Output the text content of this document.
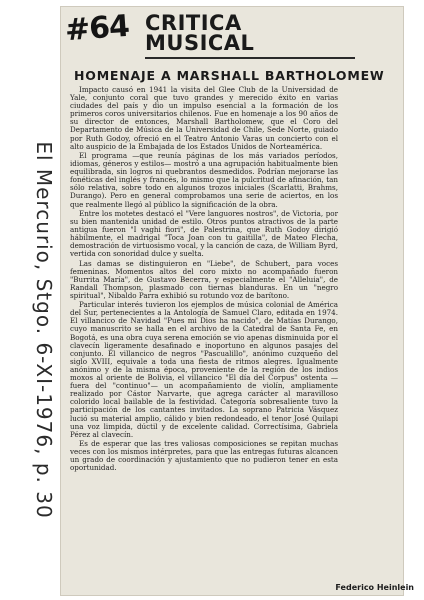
#64 CRITICA
MUSICAL
HOMENAJE A MARSHALL BARTHOLOMEW

Impacto causó en 1941 la visita del Glee Club de la Universidad de Yale, conjunto coral que tuvo grandes y merecido éxito en varias ciudades del país y dio un impulso esencial a la formación de los primeros coros universitarios chilenos. Fue en homenaje a los 90 años de su director de entonces, Marshall Bartholomew, que el Coro del Departamento de Música de la Universidad de Chile, Sede Norte, guiado por Ruth Godoy, ofreció en el Teatro Antonio Varas un concierto con el alto auspicio de la Embajada de los Estados Unidos de Norteamérica.

El programa —que reunía páginas de los más variados períodos, idiomas, géneros y estilos— mostró a una agrupación habitualmente bien equilibrada, sin logros ni quebrantos desmedidos. Podrían mejorarse las fonéticas del inglés y francés, lo mismo que la pulcritud de afinación, tan sólo relativa, sobre todo en algunos trozos iniciales (Scarlatti, Brahms, Durango). Pero en general comprobamos una serie de aciertos, en los que realmente llegó al público la significación de la obra.

Entre los motetes destacó el "Vere languores nostros", de Victoria, por su bien mantenida unidad de estilo. Otros puntos atractivos de la parte antigua fueron "I vaghi fiori", de Palestrina, que Ruth Godoy dirigió hábilmente, el madrigal "Toca Joan con tu gaitilla", de Mateo Flecha, demostración de virtuosismo vocal, y la canción de caza, de William Byrd, vertida con sonoridad dulce y suelta.

Las damas se distinguieron en "Liebe", de Schubert, para voces femeninas. Momentos altos del coro mixto no acompañado fueron "Burrita María", de Gustavo Becerra, y especialmente el "Alleluia", de Randall Thompson, plasmado con tiernas blanduras. En un "negro spiritual", Nibaldo Parra exhibió su rotundo voz de barítono.

Particular interés tuvieron los ejemplos de música colonial de América del Sur, pertenecientes a la Antología de Samuel Claro, editada en 1974. El villancico de Navidad "Pues mi Dios ha nacido", de Matías Durango, cuyo manuscrito se halla en el archivo de la Catedral de Santa Fe, en Bogotá, es una obra cuya serena emoción se vio apenas disminuida por el clavecín ligeramente desafinado e inoportuno en algunos pasajes del conjunto. El villancico de negros "Pascualillo", anónimo cuzqueño del siglo XVIII, equivale a toda una fiesta de ritmos alegres. Igualmente anónimo y de la misma época, proveniente de la región de los indios moxos al oriente de Bolivia, el villancico "El día del Corpus" ostenta —fuera del "continuo"— un acompañamiento de violín, ampliamente realizado por Cástor Narvarte, que agrega carácter al maravilloso colorido local bailable de la festividad. Categoría sobresaliente tuvo la participación de los cantantes invitados. La soprano Patricia Vásquez lució su material amplio, cálido y bien redondeado, el tenor José Quilapi una voz limpida, dúctil y de excelente calidad. Correctísima, Gabriela Pérez al clavecín.

Es de esperar que las tres valiosas composiciones se repitan muchas veces con los mismos intérpretes, para que las entregas futuras alcancen un grado de coordinación y ajustamiento que no pudieron tener en esta oportunidad.

Federico Heinlein
El Mercurio, Stgo. 6-XI-1976, p. 30
